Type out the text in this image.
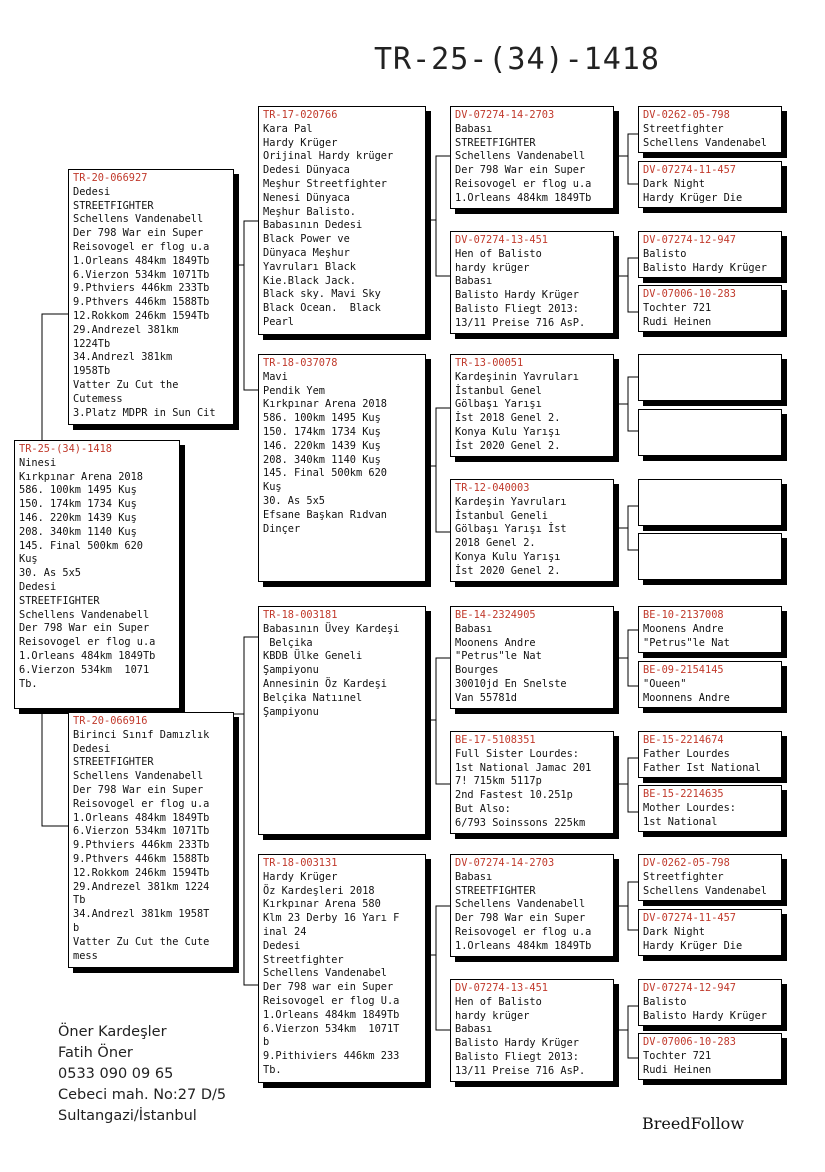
TR-25-(34)-1418
TR-25-(34)-1418
Ninesi
Kırkpınar Arena 2018
586. 100km 1495 Kuş
150. 174km 1734 Kuş
146. 220km 1439 Kuş
208. 340km 1140 Kuş
145. Final 500km 620
Kuş
30. As 5x5
Dedesi
STREETFIGHTER
Schellens Vandenabell
Der 798 War ein Super
Reisovogel er flog u.a
1.Orleans 484km 1849Tb
6.Vierzon 534km  1071
Tb.
TR-20-066927
Dedesi
STREETFIGHTER
Schellens Vandenabell
Der 798 War ein Super
Reisovogel er flog u.a
1.Orleans 484km 1849Tb
6.Vierzon 534km 1071Tb
9.Pthviers 446km 233Tb
9.Pthvers 446km 1588Tb
12.Rokkom 246km 1594Tb
29.Andrezel 381km
1224Tb
34.Andrezl 381km
1958Tb
Vatter Zu Cut the
Cutemess
3.Platz MDPR in Sun Cit
TR-20-066916
Birinci Sınıf Damızlık
Dedesi
STREETFIGHTER
Schellens Vandenabell
Der 798 War ein Super
Reisovogel er flog u.a
1.Orleans 484km 1849Tb
6.Vierzon 534km 1071Tb
9.Pthviers 446km 233Tb
9.Pthvers 446km 1588Tb
12.Rokkom 246km 1594Tb
29.Andrezel 381km 1224
Tb
34.Andrezl 381km 1958T
b
Vatter Zu Cut the Cute
mess
TR-17-020766
Kara Pal
Hardy Krüger
Orijinal Hardy krüger
Dedesi Dünyaca
Meşhur Streetfighter
Nenesi Dünyaca
Meşhur Balisto.
Babasının Dedesi
Black Power ve
Dünyaca Meşhur
Yavruları Black
Kie.Black Jack.
Black sky. Mavi Sky
Black Ocean.  Black
Pearl
TR-18-037078
Mavi
Pendik Yem
Kırkpınar Arena 2018
586. 100km 1495 Kuş
150. 174km 1734 Kuş
146. 220km 1439 Kuş
208. 340km 1140 Kuş
145. Final 500km 620
Kuş
30. As 5x5
Efsane Başkan Rıdvan
Dinçer
TR-18-003181
Babasının Üvey Kardeşi
Belçika
KBDB Ülke Geneli
Şampiyonu
Annesinin Öz Kardeşi
Belçika Natıınel
Şampiyonu
TR-18-003131
Hardy Krüger
Öz Kardeşleri 2018
Kırkpınar Arena 580
Klm 23 Derby 16 Yarı F
inal 24
Dedesi
Streetfighter
Schellens Vandenabel
Der 798 war ein Super
Reisovogel er flog U.a
1.Orleans 484km 1849Tb
6.Vierzon 534km  1071T
b
9.Pithiviers 446km 233
Tb.
DV-07274-14-2703
Babası
STREETFIGHTER
Schellens Vandenabell
Der 798 War ein Super
Reisovogel er flog u.a
1.Orleans 484km 1849Tb
DV-07274-13-451
Hen of Balisto
hardy krüger
Babası
Balisto Hardy Krüger
Balisto Fliegt 2013:
13/11 Preise 716 AsP.
TR-13-00051
Kardeşinin Yavruları
İstanbul Genel
Gölbaşı Yarışı
İst 2018 Genel 2.
Konya Kulu Yarışı
İst 2020 Genel 2.
TR-12-040003
Kardeşin Yavruları
İstanbul Geneli
Gölbaşı Yarışı İst
2018 Genel 2.
Konya Kulu Yarışı
İst 2020 Genel 2.
BE-14-2324905
Babası
Moonens Andre
"Petrus"le Nat
Bourges
30010jd En Snelste
Van 55781d
BE-17-5108351
Full Sister Lourdes:
1st National Jamac 201
7! 715km 5117p
2nd Fastest 10.251p
But Also:
6/793 Soinssons 225km
DV-07274-14-2703
Babası
STREETFIGHTER
Schellens Vandenabell
Der 798 War ein Super
Reisovogel er flog u.a
1.Orleans 484km 1849Tb
DV-07274-13-451
Hen of Balisto
hardy krüger
Babası
Balisto Hardy Krüger
Balisto Fliegt 2013:
13/11 Preise 716 AsP.
DV-0262-05-798
Streetfighter
Schellens Vandenabel
DV-07274-11-457
Dark Night
Hardy Krüger Die
DV-07274-12-947
Balisto
Balisto Hardy Krüger
DV-07006-10-283
Tochter 721
Rudi Heinen
BE-10-2137008
Moonens Andre
"Petrus"le Nat
BE-09-2154145
"Oueen"
Moonnens Andre
BE-15-2214674
Father Lourdes
Father Ist National
BE-15-2214635
Mother Lourdes:
1st National
DV-0262-05-798
Streetfighter
Schellens Vandenabel
DV-07274-11-457
Dark Night
Hardy Krüger Die
DV-07274-12-947
Balisto
Balisto Hardy Krüger
DV-07006-10-283
Tochter 721
Rudi Heinen
Öner Kardeşler
Fatih Öner
0533 090 09 65
Cebeci mah. No:27 D/5
Sultangazi/İstanbul	BreedFollow
